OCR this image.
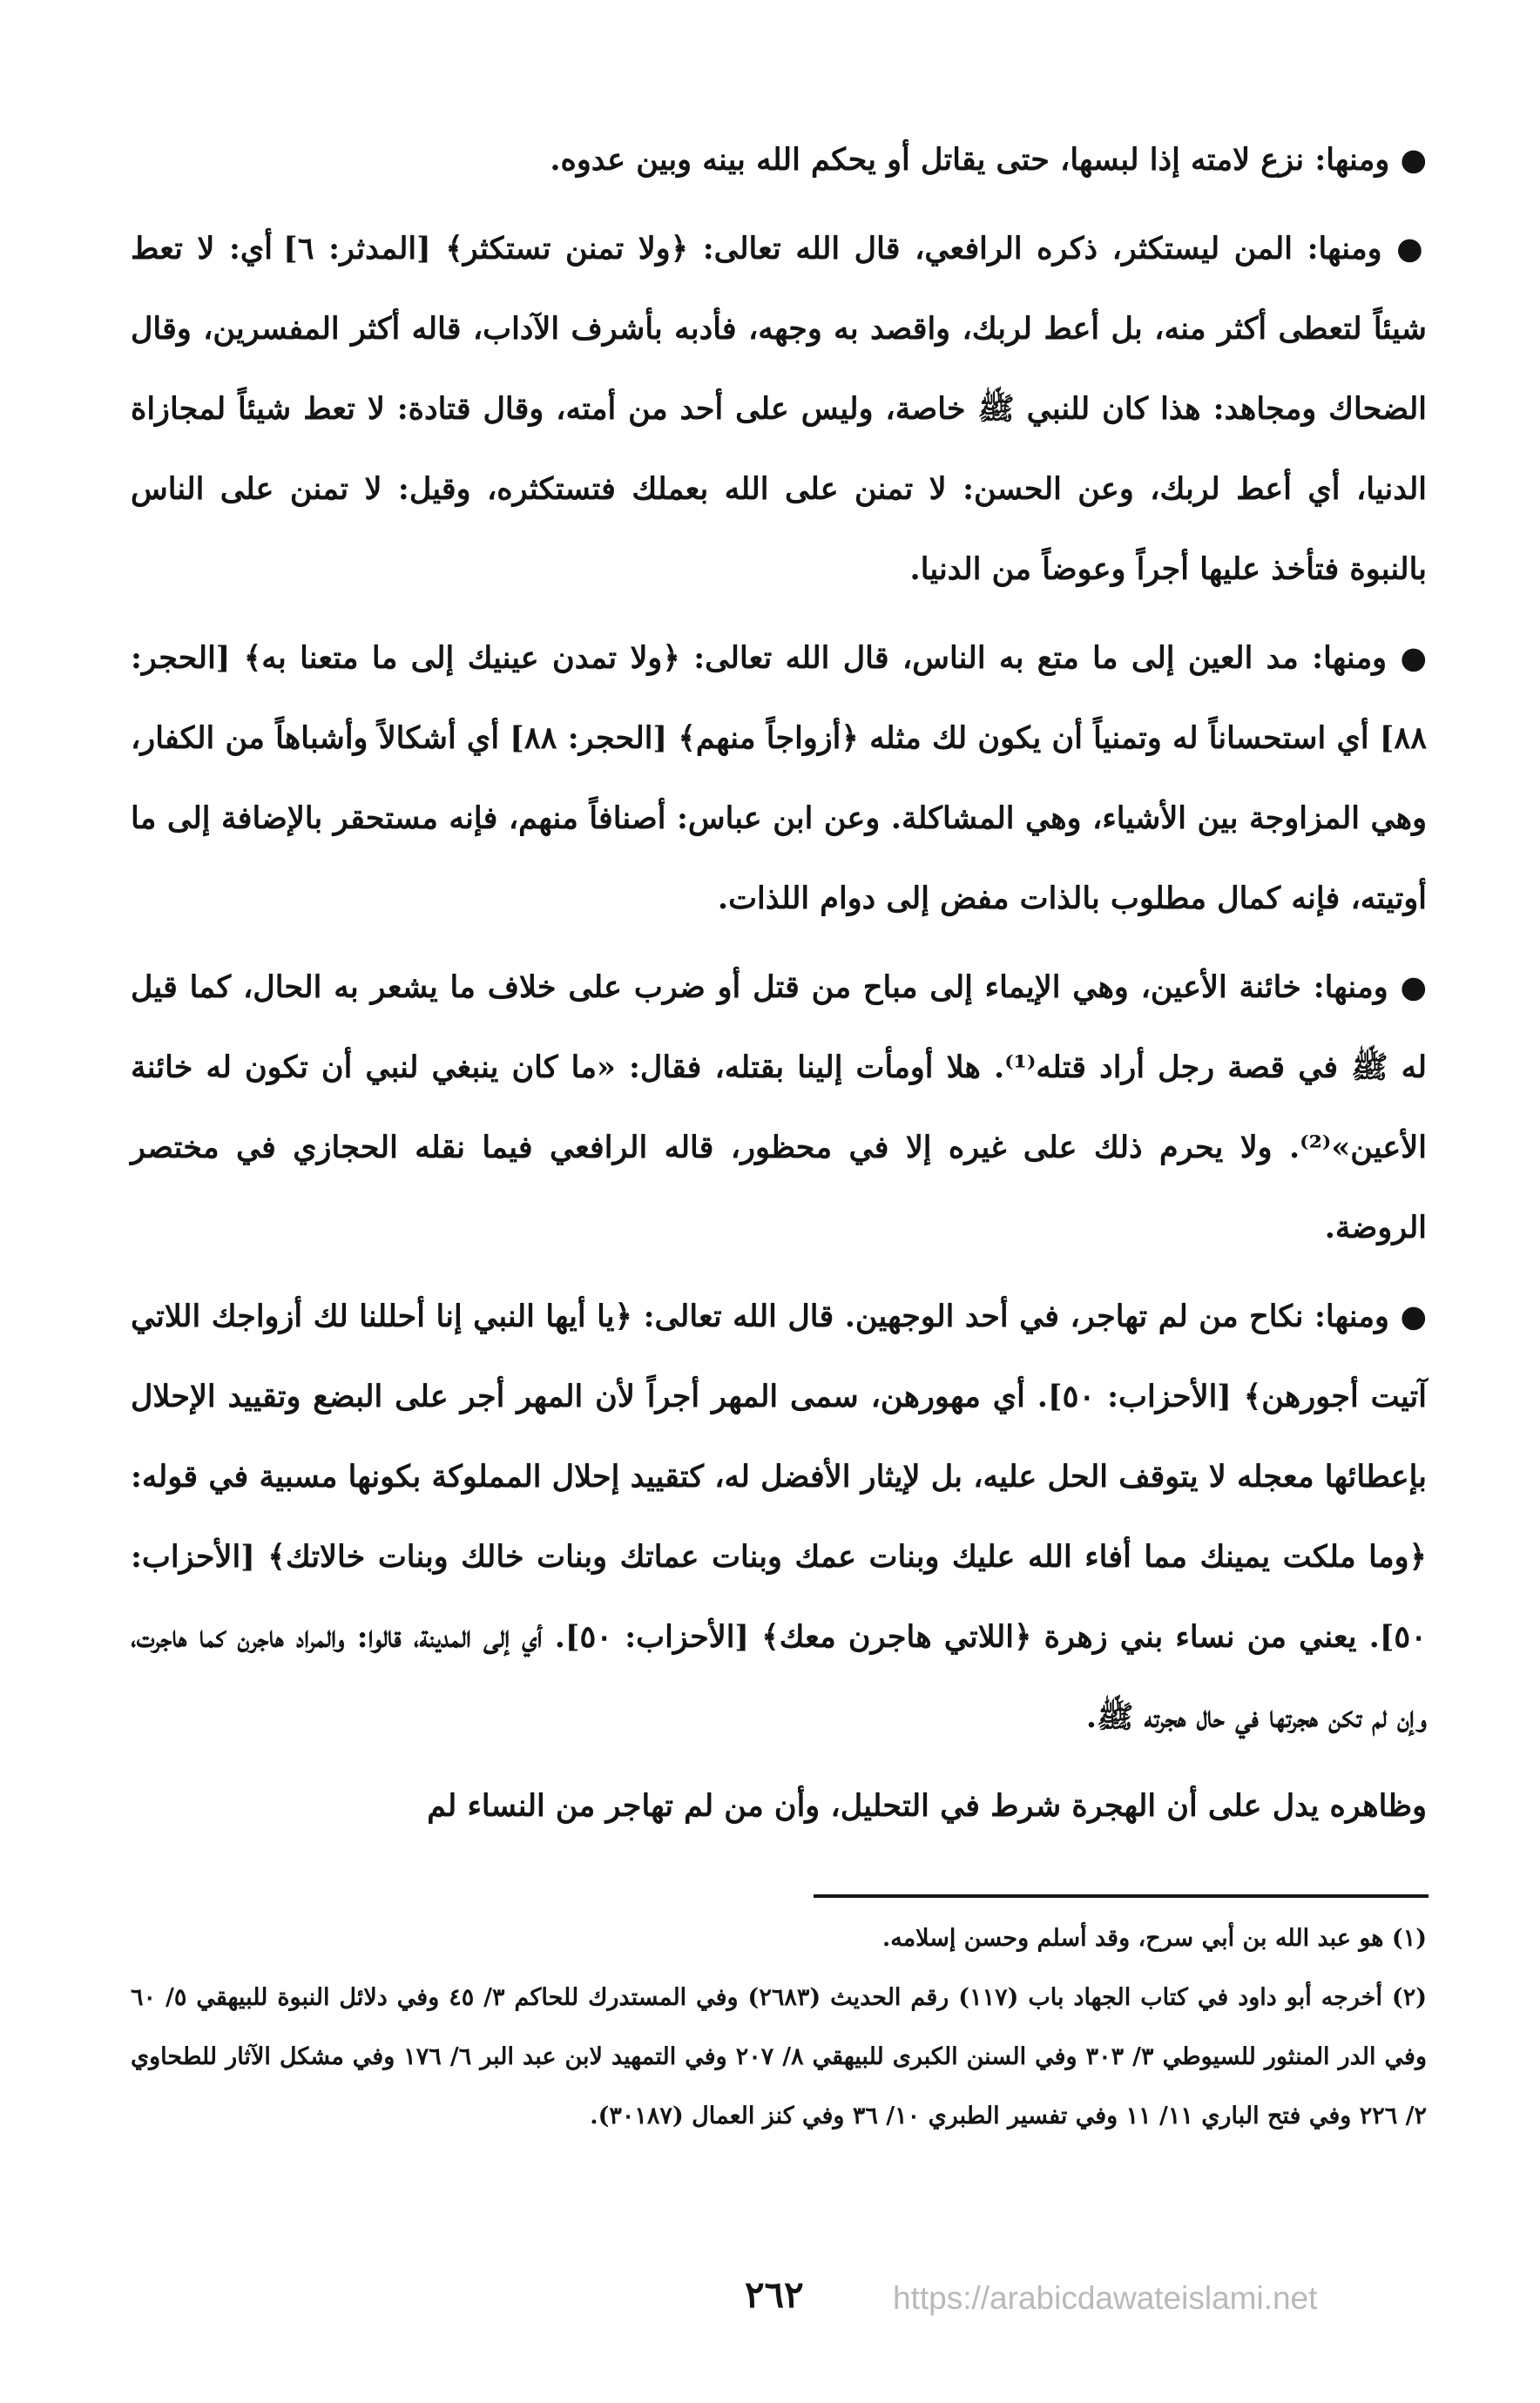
● ومنها: نزع لامته إذا لبسها، حتى يقاتل أو يحكم الله بينه وبين عدوه.

● ومنها: المن ليستكثر، ذكره الرافعي، قال الله تعالى: ﴿ولا تمنن تستكثر﴾ [المدثر: ٦] أي: لا تعط شيئاً لتعطى أكثر منه، بل أعط لربك، واقصد به وجهه، فأدبه بأشرف الآداب، قاله أكثر المفسرين، وقال الضحاك ومجاهد: هذا كان للنبي ﷺ خاصة، وليس على أحد من أمته، وقال قتادة: لا تعط شيئاً لمجازاة الدنيا، أي أعط لربك، وعن الحسن: لا تمنن على الله بعملك فتستكثره، وقيل: لا تمنن على الناس بالنبوة فتأخذ عليها أجراً وعوضاً من الدنيا.

● ومنها: مد العين إلى ما متع به الناس، قال الله تعالى: ﴿ولا تمدن عينيك إلى ما متعنا به﴾ [الحجر: ٨٨] أي استحساناً له وتمنياً أن يكون لك مثله ﴿أزواجاً منهم﴾ [الحجر: ٨٨] أي أشكالاً وأشباهاً من الكفار، وهي المزاوجة بين الأشياء، وهي المشاكلة. وعن ابن عباس: أصنافاً منهم، فإنه مستحقر بالإضافة إلى ما أوتيته، فإنه كمال مطلوب بالذات مفض إلى دوام اللذات.

● ومنها: خائنة الأعين، وهي الإيماء إلى مباح من قتل أو ضرب على خلاف ما يشعر به الحال، كما قيل له ﷺ في قصة رجل أراد قتله⁽¹⁾. هلا أومأت إلينا بقتله، فقال: «ما كان ينبغي لنبي أن تكون له خائنة الأعين»⁽²⁾. ولا يحرم ذلك على غيره إلا في محظور، قاله الرافعي فيما نقله الحجازي في مختصر الروضة.

● ومنها: نكاح من لم تهاجر، في أحد الوجهين. قال الله تعالى: ﴿يا أيها النبي إنا أحللنا لك أزواجك اللاتي آتيت أجورهن﴾ [الأحزاب: ٥٠]. أي مهورهن، سمى المهر أجراً لأن المهر أجر على البضع وتقييد الإحلال بإعطائها معجله لا يتوقف الحل عليه، بل لإيثار الأفضل له، كتقييد إحلال المملوكة بكونها مسبية في قوله: ﴿وما ملكت يمينك مما أفاء الله عليك وبنات عمك وبنات عماتك وبنات خالك وبنات خالاتك﴾ [الأحزاب: ٥٠]. يعني من نساء بني زهرة ﴿اللاتي هاجرن معك﴾ [الأحزاب: ٥٠]. أي إلى المدينة، قالوا: والمراد هاجرن كما هاجرت، وإن لم تكن هجرتها في حال هجرته ﷺ.

وظاهره يدل على أن الهجرة شرط في التحليل، وأن من لم تهاجر من النساء لم

(١) هو عبد الله بن أبي سرح، وقد أسلم وحسن إسلامه.

(٢) أخرجه أبو داود في كتاب الجهاد باب (١١٧) رقم الحديث (٢٦٨٣) وفي المستدرك للحاكم ٣/ ٤٥ وفي دلائل النبوة للبيهقي ٥/ ٦٠ وفي الدر المنثور للسيوطي ٣/ ٣٠٣ وفي السنن الكبرى للبيهقي ٨/ ٢٠٧ وفي التمهيد لابن عبد البر ٦/ ١٧٦ وفي مشكل الآثار للطحاوي ٢/ ٢٢٦ وفي فتح الباري ١١/ ١١ وفي تفسير الطبري ١٠/ ٣٦ وفي كنز العمال (٣٠١٨٧).

٢٦٢	https://arabicdawateislami.net
